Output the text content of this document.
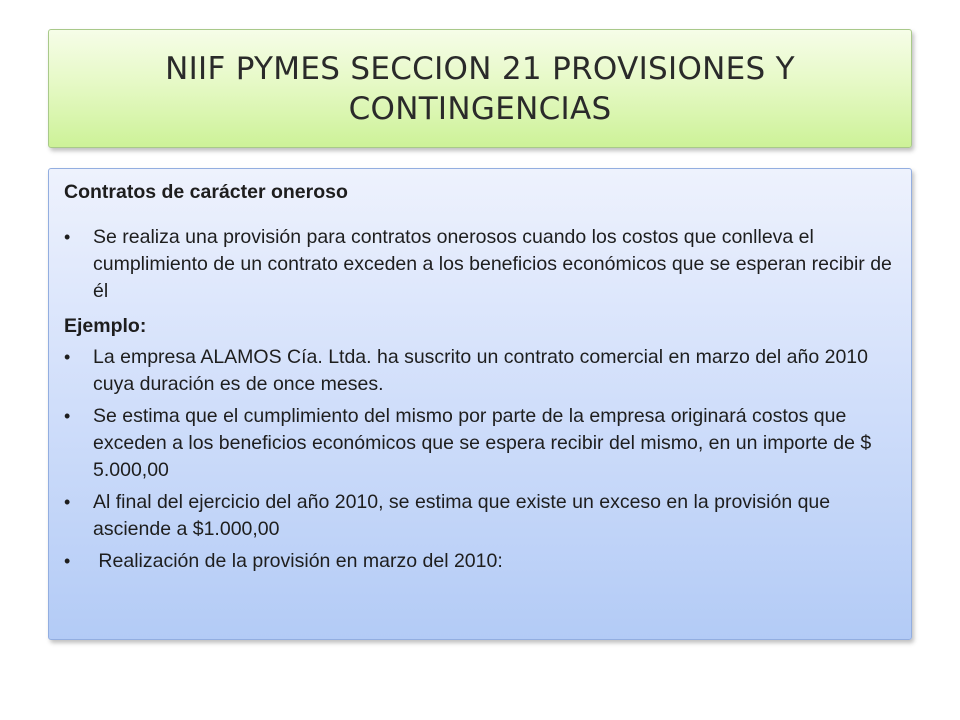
NIIF PYMES SECCION 21 PROVISIONES Y CONTINGENCIAS
Contratos de carácter oneroso
•	Se realiza una provisión para contratos onerosos cuando los costos que conlleva el cumplimiento de un contrato exceden a los beneficios económicos que se esperan recibir de él
Ejemplo:
•	La empresa ALAMOS Cía. Ltda. ha suscrito un contrato comercial en marzo del año 2010 cuya duración es de once meses.
•	Se estima que el cumplimiento del mismo por parte de la empresa originará costos que exceden a los beneficios económicos que se espera recibir del mismo, en un importe de $ 5.000,00
•	Al final del ejercicio del año 2010, se estima que existe un exceso en la provisión que asciende a $1.000,00
•	Realización de la provisión en marzo del 2010:
